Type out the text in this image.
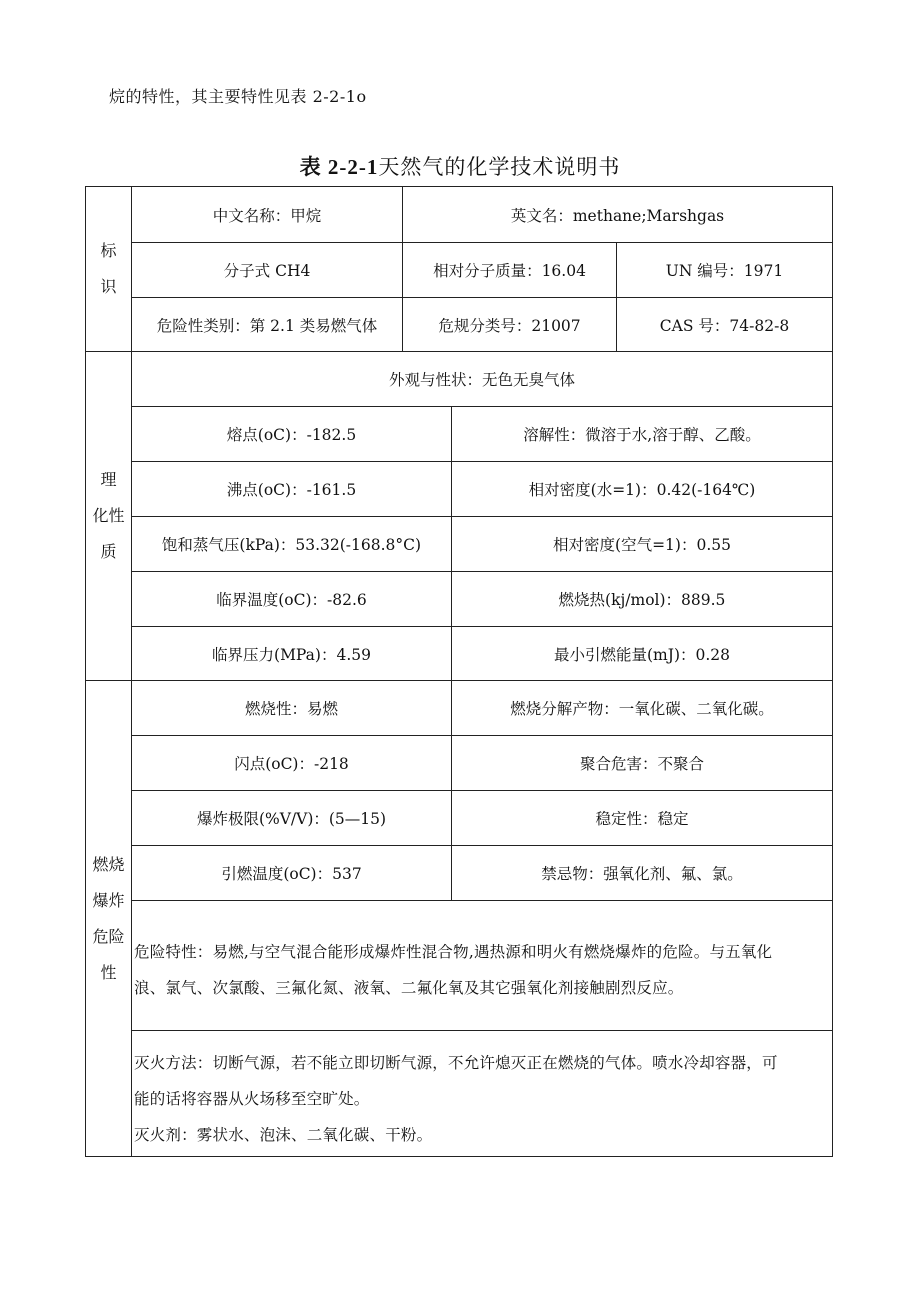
烷的特性，其主要特性见表 2-2-1o
表 2-2-1天然气的化学技术说明书
标
识
理
化性
质
燃烧
爆炸
危险
性
中文名称：甲烷	英文名：methane;Marshgas
分子式 CH4	相对分子质量：16.04	UN 编号：1971
危险性类别：第 2.1 类易燃气体	危规分类号：21007	CAS 号：74-82-8
外观与性状：无色无臭气体
熔点(oC)：-182.5	溶解性：微溶于水,溶于醇、乙酸。
沸点(oC)：-161.5	相对密度(水=1)：0.42(-164℃)
饱和蒸气压(kPa)：53.32(-168.8°C)	相对密度(空气=1)：0.55
临界温度(oC)：-82.6	燃烧热(kj/mol)：889.5
临界压力(MPa)：4.59	最小引燃能量(mJ)：0.28
燃烧性：易燃	燃烧分解产物：一氧化碳、二氧化碳。
闪点(oC)：-218	聚合危害：不聚合
爆炸极限(%V/V)：(5—15)	稳定性：稳定
引燃温度(oC)：537	禁忌物：强氧化剂、氟、氯。
危险特性：易燃,与空气混合能形成爆炸性混合物,遇热源和明火有燃烧爆炸的危险。与五氧化
浪、氯气、次氯酸、三氟化氮、液氧、二氟化氧及其它强氧化剂接触剧烈反应。
灭火方法：切断气源，若不能立即切断气源，不允许熄灭正在燃烧的气体。喷水冷却容器，可
能的话将容器从火场移至空旷处。
灭火剂：雾状水、泡沫、二氧化碳、干粉。
